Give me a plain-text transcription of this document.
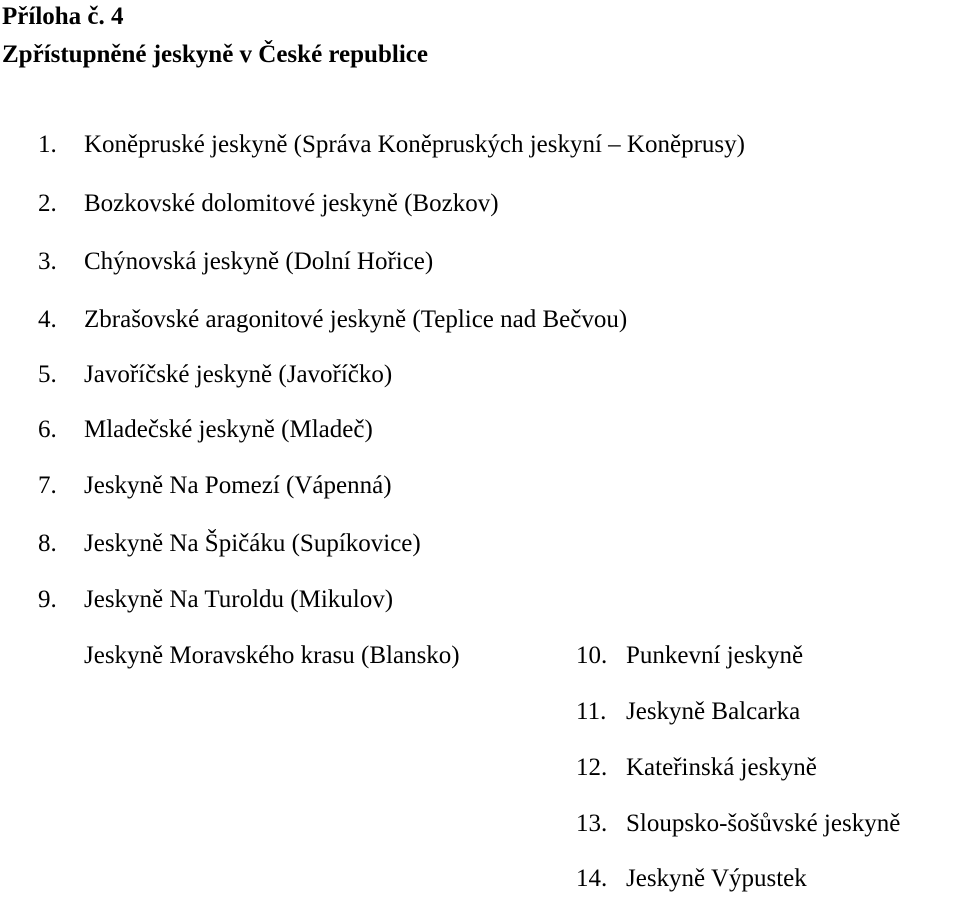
Příloha č. 4
Zpřístupněné jeskyně v České republice
1.	Koněpruské jeskyně (Správa Koněpruských jeskyní – Koněprusy)
2.	Bozkovské dolomitové jeskyně (Bozkov)
3.	Chýnovská jeskyně (Dolní Hořice)
4.	Zbrašovské aragonitové jeskyně (Teplice nad Bečvou)
5.	Javoříčské jeskyně (Javoříčko)
6.	Mladečské jeskyně (Mladeč)
7.	Jeskyně Na Pomezí (Vápenná)
8.	Jeskyně Na Špičáku (Supíkovice)
9.	Jeskyně Na Turoldu (Mikulov)
Jeskyně Moravského krasu (Blansko)	10. Punkevní jeskyně
11. Jeskyně Balcarka
12. Kateřinská jeskyně
13. Sloupsko-šošůvské jeskyně
14. Jeskyně Výpustek
